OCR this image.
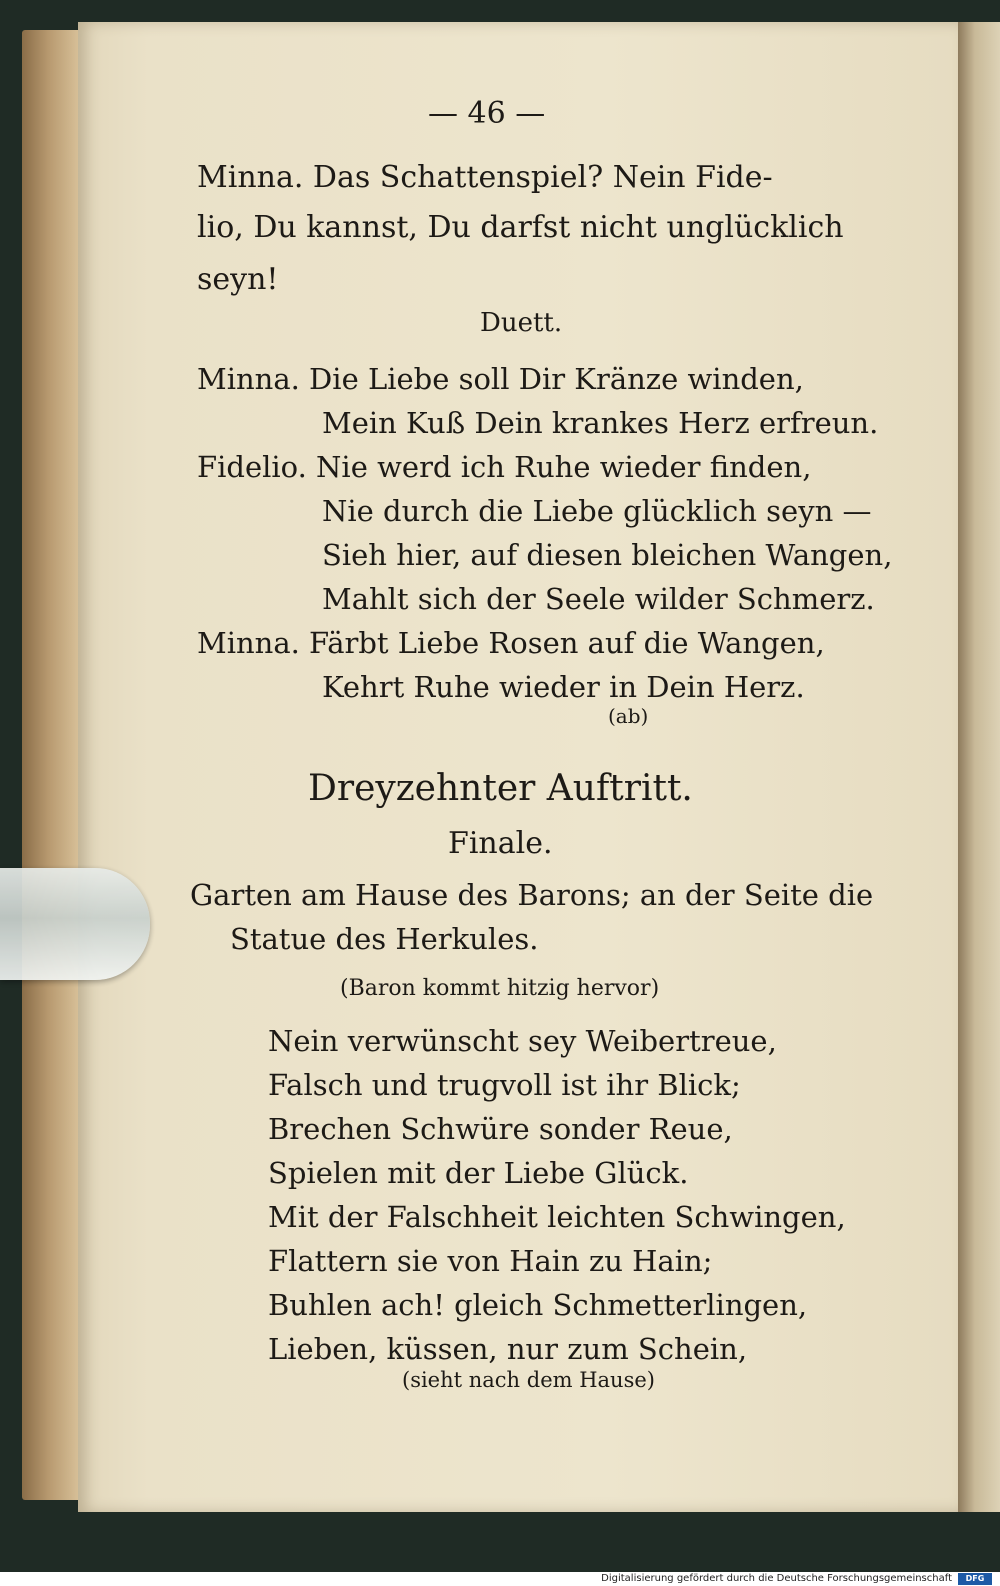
— 46 —
Minna. Das Schattenspiel? Nein Fide-
lio, Du kannst, Du darfst nicht unglücklich
seyn!
Duett.
Minna. Die Liebe soll Dir Kränze winden,
Mein Kuß Dein krankes Herz erfreun.
Fidelio. Nie werd ich Ruhe wieder finden,
Nie durch die Liebe glücklich seyn —
Sieh hier, auf diesen bleichen Wangen,
Mahlt sich der Seele wilder Schmerz.
Minna. Färbt Liebe Rosen auf die Wangen,
Kehrt Ruhe wieder in Dein Herz.
(ab)
Dreyzehnter Auftritt.
Finale.
Garten am Hause des Barons; an der Seite die
Statue des Herkules.
(Baron kommt hitzig hervor)
Nein verwünscht sey Weibertreue,
Falsch und trugvoll ist ihr Blick;
Brechen Schwüre sonder Reue,
Spielen mit der Liebe Glück.
Mit der Falschheit leichten Schwingen,
Flattern sie von Hain zu Hain;
Buhlen ach! gleich Schmetterlingen,
Lieben, küssen, nur zum Schein,
(sieht nach dem Hause)
Digitalisierung gefördert durch die Deutsche Forschungsgemeinschaft	DFG
